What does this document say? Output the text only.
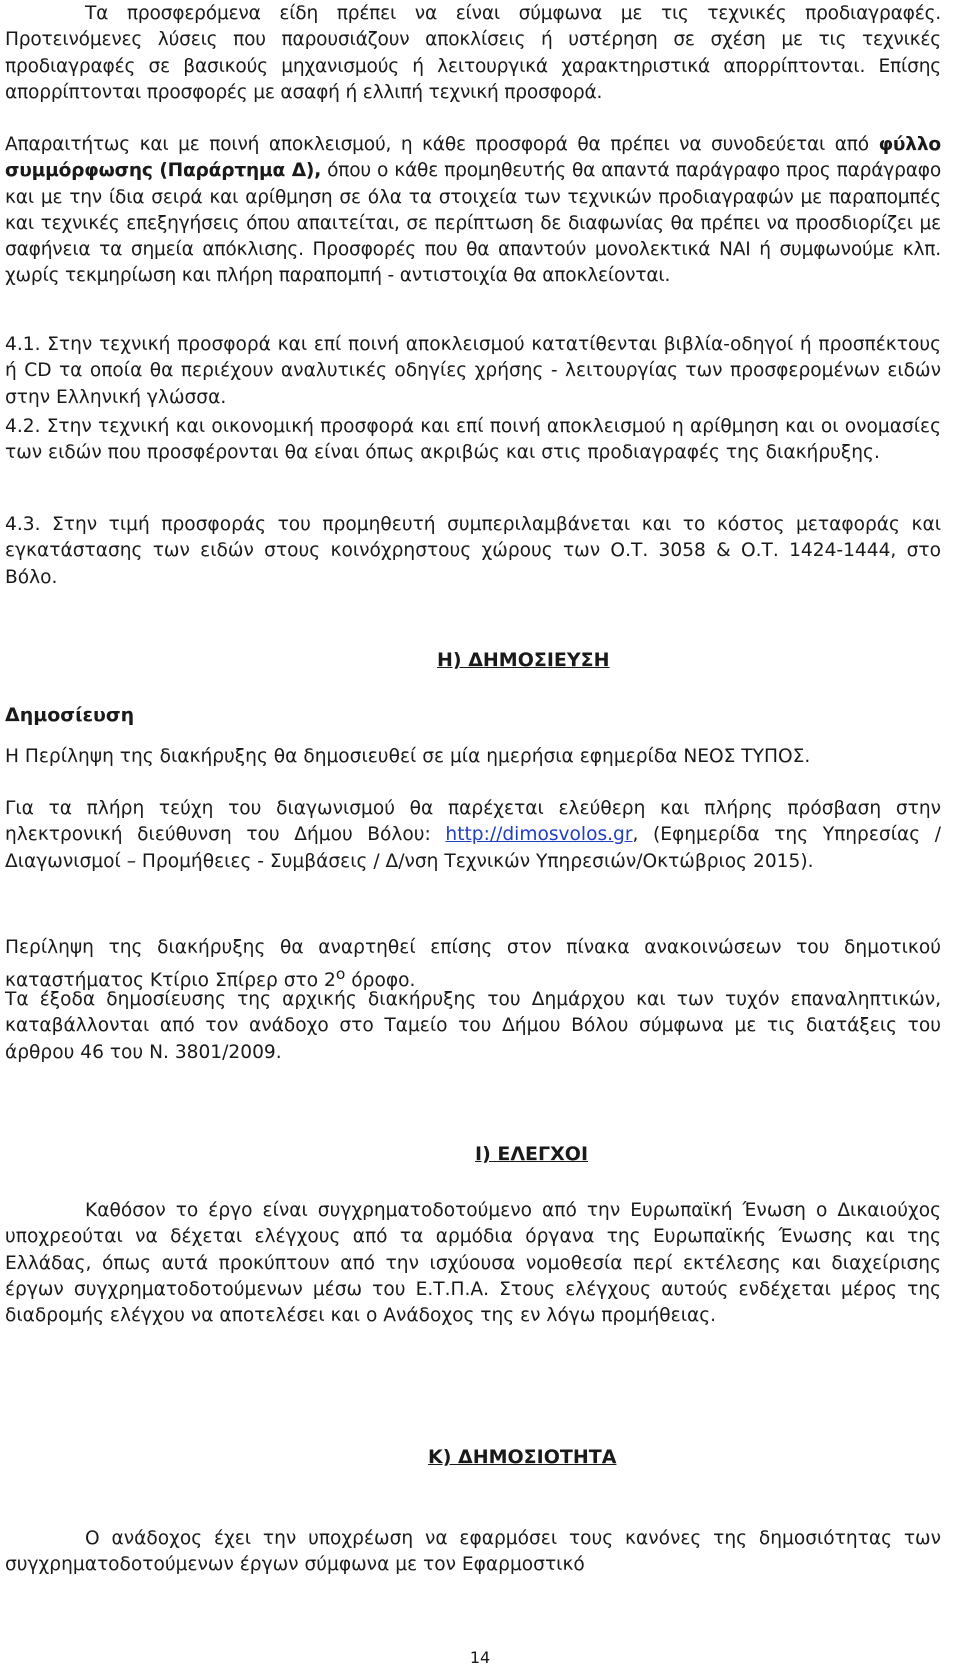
Τα προσφερόμενα είδη πρέπει να είναι σύμφωνα με τις τεχνικές προδιαγραφές. Προτεινόμενες λύσεις που παρουσιάζουν αποκλίσεις ή υστέρηση σε σχέση με τις τεχνικές προδιαγραφές σε βασικούς μηχανισμούς ή λειτουργικά χαρακτηριστικά απορρίπτονται. Επίσης απορρίπτονται προσφορές με ασαφή ή ελλιπή τεχνική προσφορά.

Απαραιτήτως και με ποινή αποκλεισμού, η κάθε προσφορά θα πρέπει να συνοδεύεται από φύλλο συμμόρφωσης (Παράρτημα Δ), όπου ο κάθε προμηθευτής θα απαντά παράγραφο προς παράγραφο και με την ίδια σειρά και αρίθμηση σε όλα τα στοιχεία των τεχνικών προδιαγραφών με παραπομπές και τεχνικές επεξηγήσεις όπου απαιτείται, σε περίπτωση δε διαφωνίας θα πρέπει να προσδιορίζει με σαφήνεια τα σημεία απόκλισης. Προσφορές που θα απαντούν μονολεκτικά ΝΑΙ ή συμφωνούμε κλπ. χωρίς τεκμηρίωση και πλήρη παραπομπή - αντιστοιχία θα αποκλείονται.

4.1. Στην τεχνική προσφορά και επί ποινή αποκλεισμού κατατίθενται βιβλία-οδηγοί ή προσπέκτους ή CD τα οποία θα περιέχουν αναλυτικές οδηγίες χρήσης - λειτουργίας των προσφερομένων ειδών στην Ελληνική γλώσσα.

4.2. Στην τεχνική και οικονομική προσφορά και επί ποινή αποκλεισμού η αρίθμηση και οι ονομασίες των ειδών που προσφέρονται θα είναι όπως ακριβώς και στις προδιαγραφές της διακήρυξης.

4.3. Στην τιμή προσφοράς του προμηθευτή συμπεριλαμβάνεται και το κόστος μεταφοράς και εγκατάστασης των ειδών στους κοινόχρηστους χώρους των Ο.Τ. 3058 & Ο.Τ. 1424-1444, στο Βόλο.

Η) ΔΗΜΟΣΙΕΥΣΗ
Δημοσίευση

Η Περίληψη της διακήρυξης θα δημοσιευθεί σε μία ημερήσια εφημερίδα ΝΕΟΣ ΤΥΠΟΣ.

Για τα πλήρη τεύχη του διαγωνισμού θα παρέχεται ελεύθερη και πλήρης πρόσβαση στην ηλεκτρονική διεύθυνση του Δήμου Βόλου: http://dimosvolos.gr, (Εφημερίδα της Υπηρεσίας / Διαγωνισμοί – Προμήθειες - Συμβάσεις / Δ/νση Τεχνικών Υπηρεσιών/Οκτώβριος 2015).

Περίληψη της διακήρυξης θα αναρτηθεί επίσης στον πίνακα ανακοινώσεων του δημοτικού καταστήματος Κτίριο Σπίρερ στο $2^o$ όροφο.

Τα έξοδα δημοσίευσης της αρχικής διακήρυξης του Δημάρχου και των τυχόν επαναληπτικών, καταβάλλονται από τον ανάδοχο στο Ταμείο του Δήμου Βόλου σύμφωνα με τις διατάξεις του άρθρου 46 του Ν. 3801/2009.

Ι) ΕΛΕΓΧΟΙ

Καθόσον το έργο είναι συγχρηματοδοτούμενο από την Ευρωπαϊκή Ένωση ο Δικαιούχος υποχρεούται να δέχεται ελέγχους από τα αρμόδια όργανα της Ευρωπαϊκής Ένωσης και της Ελλάδας, όπως αυτά προκύπτουν από την ισχύουσα νομοθεσία περί εκτέλεσης και διαχείρισης έργων συγχρηματοδοτούμενων μέσω του Ε.Τ.Π.Α. Στους ελέγχους αυτούς ενδέχεται μέρος της διαδρομής ελέγχου να αποτελέσει και ο Ανάδοχος της εν λόγω προμήθειας.

Κ) ΔΗΜΟΣΙΟΤΗΤΑ

Ο ανάδοχος έχει την υποχρέωση να εφαρμόσει τους κανόνες της δημοσιότητας των συγχρηματοδοτούμενων έργων σύμφωνα με τον Εφαρμοστικό

14
